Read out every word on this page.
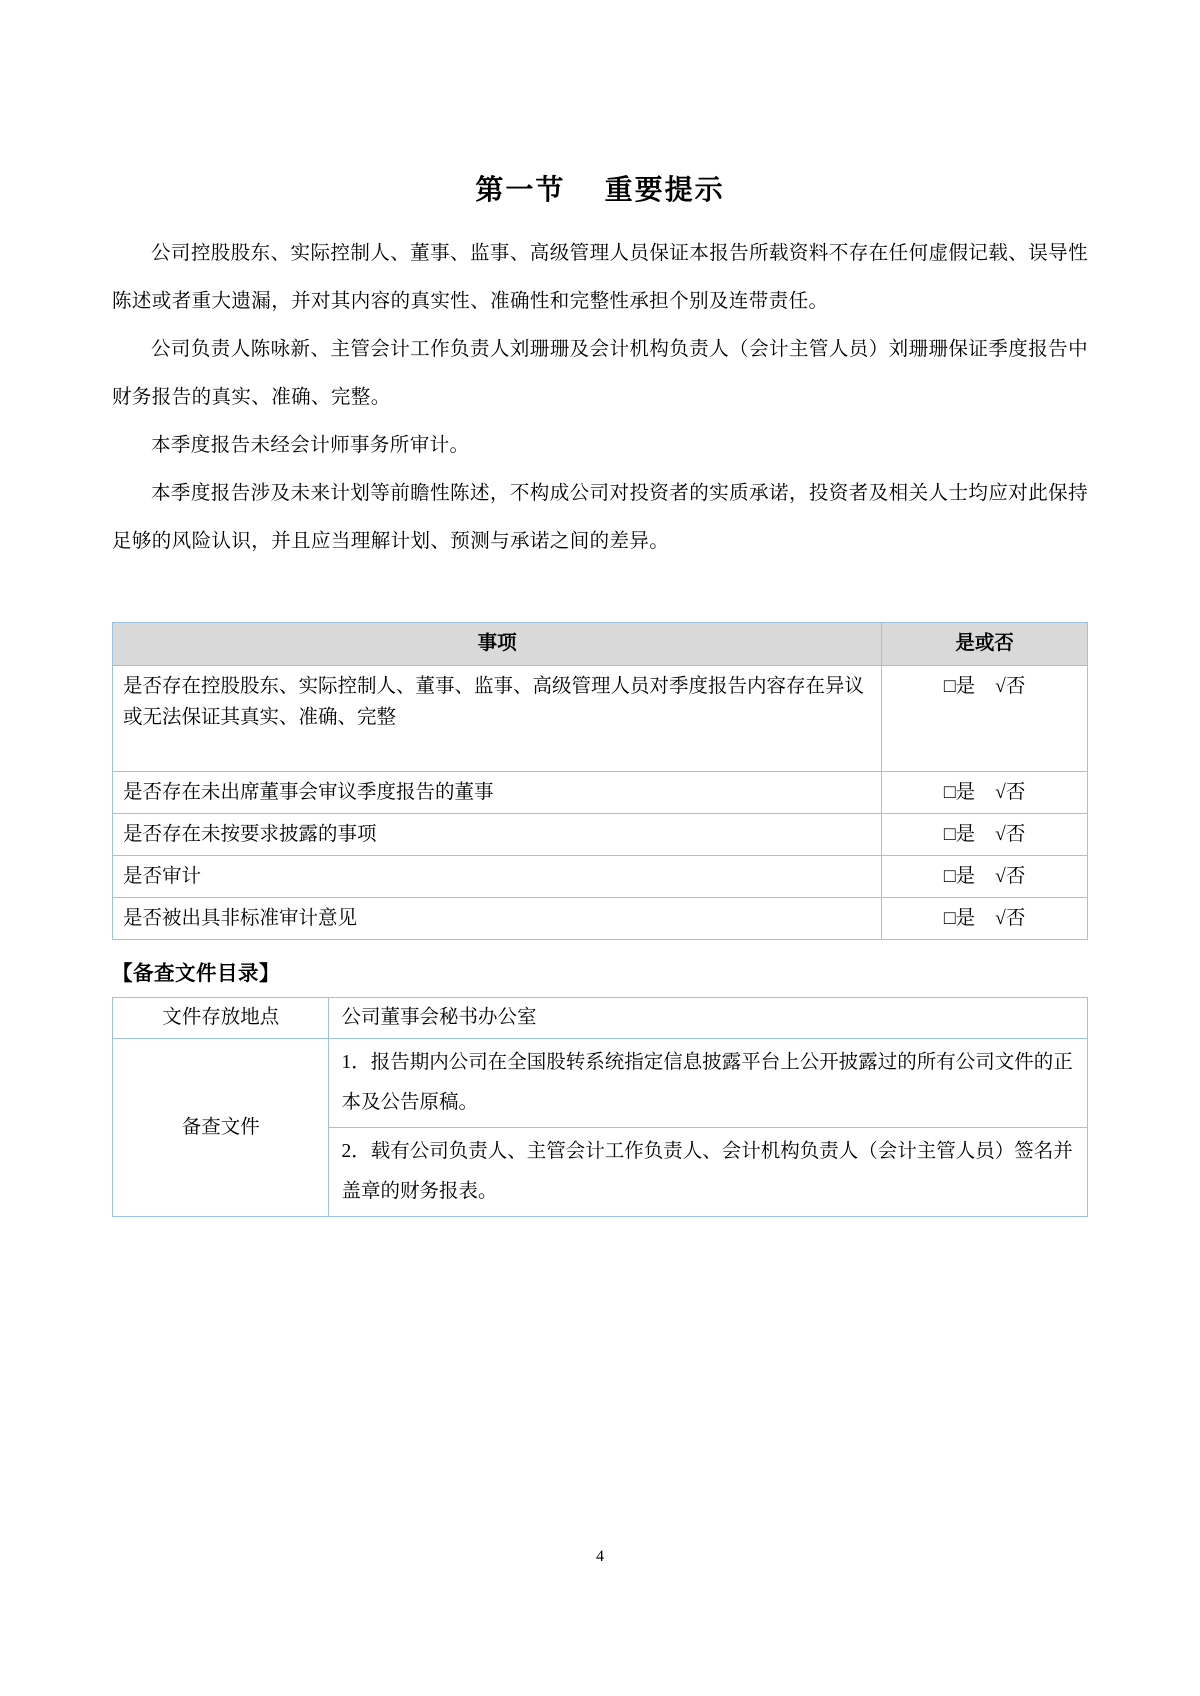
第一节 重要提示

公司控股股东、实际控制人、董事、监事、高级管理人员保证本报告所载资料不存在任何虚假记载、误导性陈述或者重大遗漏，并对其内容的真实性、准确性和完整性承担个别及连带责任。

公司负责人陈咏新、主管会计工作负责人刘珊珊及会计机构负责人（会计主管人员）刘珊珊保证季度报告中财务报告的真实、准确、完整。

本季度报告未经会计师事务所审计。

本季度报告涉及未来计划等前瞻性陈述，不构成公司对投资者的实质承诺，投资者及相关人士均应对此保持足够的风险认识，并且应当理解计划、预测与承诺之间的差异。

事项	是或否
是否存在控股股东、实际控制人、董事、监事、高级管理人员对季度报告内容存在异议或无法保证其真实、准确、完整	□是 √否
是否存在未出席董事会审议季度报告的董事	□是 √否
是否存在未按要求披露的事项	□是 √否
是否审计	□是 √否
是否被出具非标准审计意见	□是 √否
【备查文件目录】
文件存放地点	公司董事会秘书办公室
备查文件	1．报告期内公司在全国股转系统指定信息披露平台上公开披露过的所有公司文件的正本及公告原稿。
	2．载有公司负责人、主管会计工作负责人、会计机构负责人（会计主管人员）签名并盖章的财务报表。
4
